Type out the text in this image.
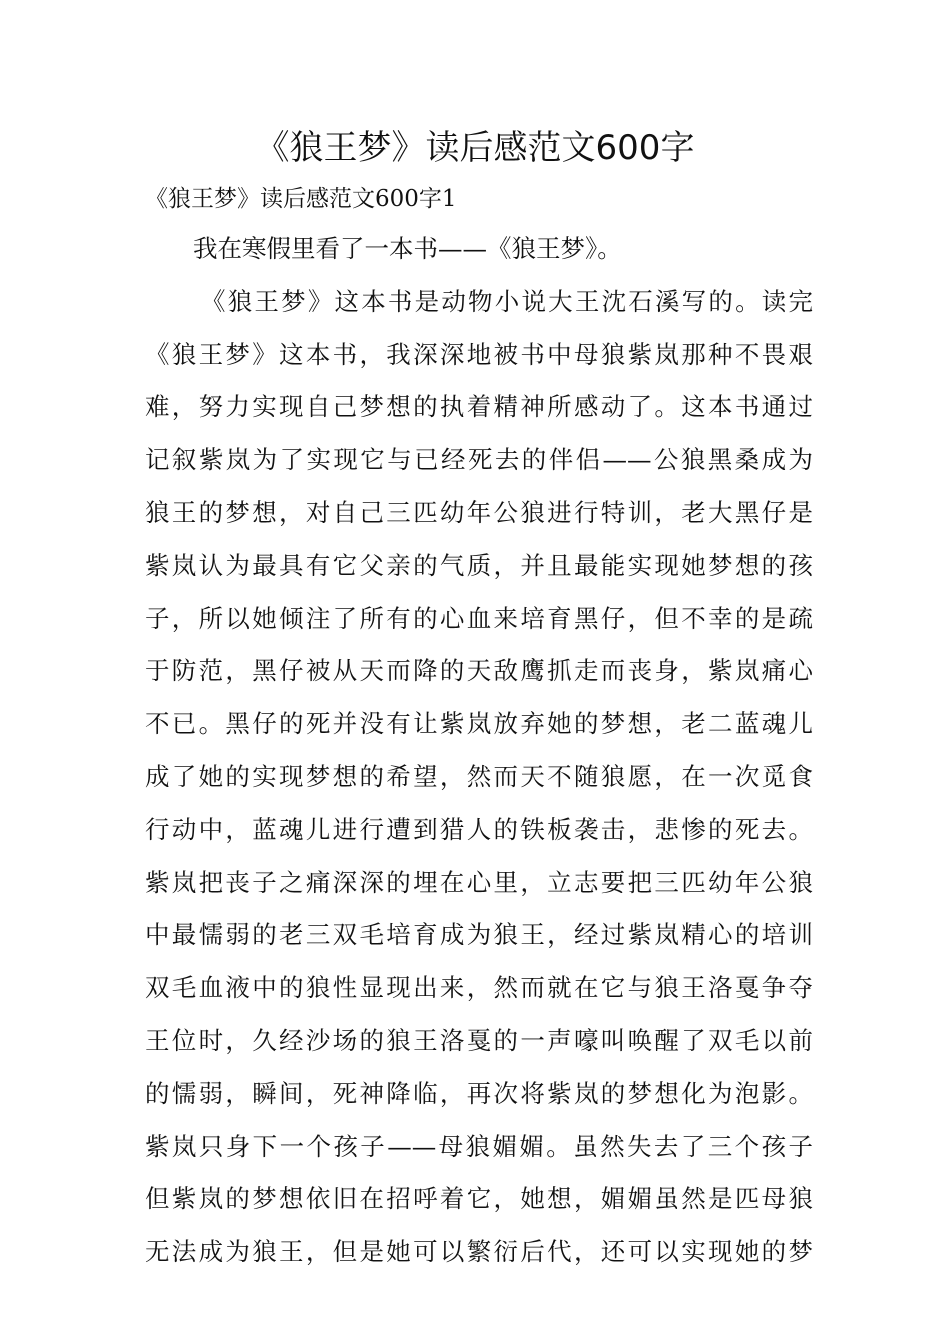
《狼王梦》读后感范文600字

《狼王梦》读后感范文600字1

我在寒假里看了一本书——《狼王梦》。
《狼王梦》这本书是动物小说大王沈石溪写的。读完
《狼王梦》这本书，我深深地被书中母狼紫岚那种不畏艰
难，努力实现自己梦想的执着精神所感动了。这本书通过
记叙紫岚为了实现它与已经死去的伴侣——公狼黑桑成为
狼王的梦想，对自己三匹幼年公狼进行特训，老大黑仔是
紫岚认为最具有它父亲的气质，并且最能实现她梦想的孩
子，所以她倾注了所有的心血来培育黑仔，但不幸的是疏
于防范，黑仔被从天而降的天敌鹰抓走而丧身，紫岚痛心
不已。黑仔的死并没有让紫岚放弃她的梦想，老二蓝魂儿
成了她的实现梦想的希望，然而天不随狼愿，在一次觅食
行动中，蓝魂儿进行遭到猎人的铁板袭击，悲惨的死去。
紫岚把丧子之痛深深的埋在心里，立志要把三匹幼年公狼
中最懦弱的老三双毛培育成为狼王，经过紫岚精心的培训
双毛血液中的狼性显现出来，然而就在它与狼王洛戛争夺
王位时，久经沙场的狼王洛戛的一声嚎叫唤醒了双毛以前
的懦弱，瞬间，死神降临，再次将紫岚的梦想化为泡影。
紫岚只身下一个孩子——母狼媚媚。虽然失去了三个孩子
但紫岚的梦想依旧在招呼着它，她想，媚媚虽然是匹母狼
无法成为狼王，但是她可以繁衍后代，还可以实现她的梦
